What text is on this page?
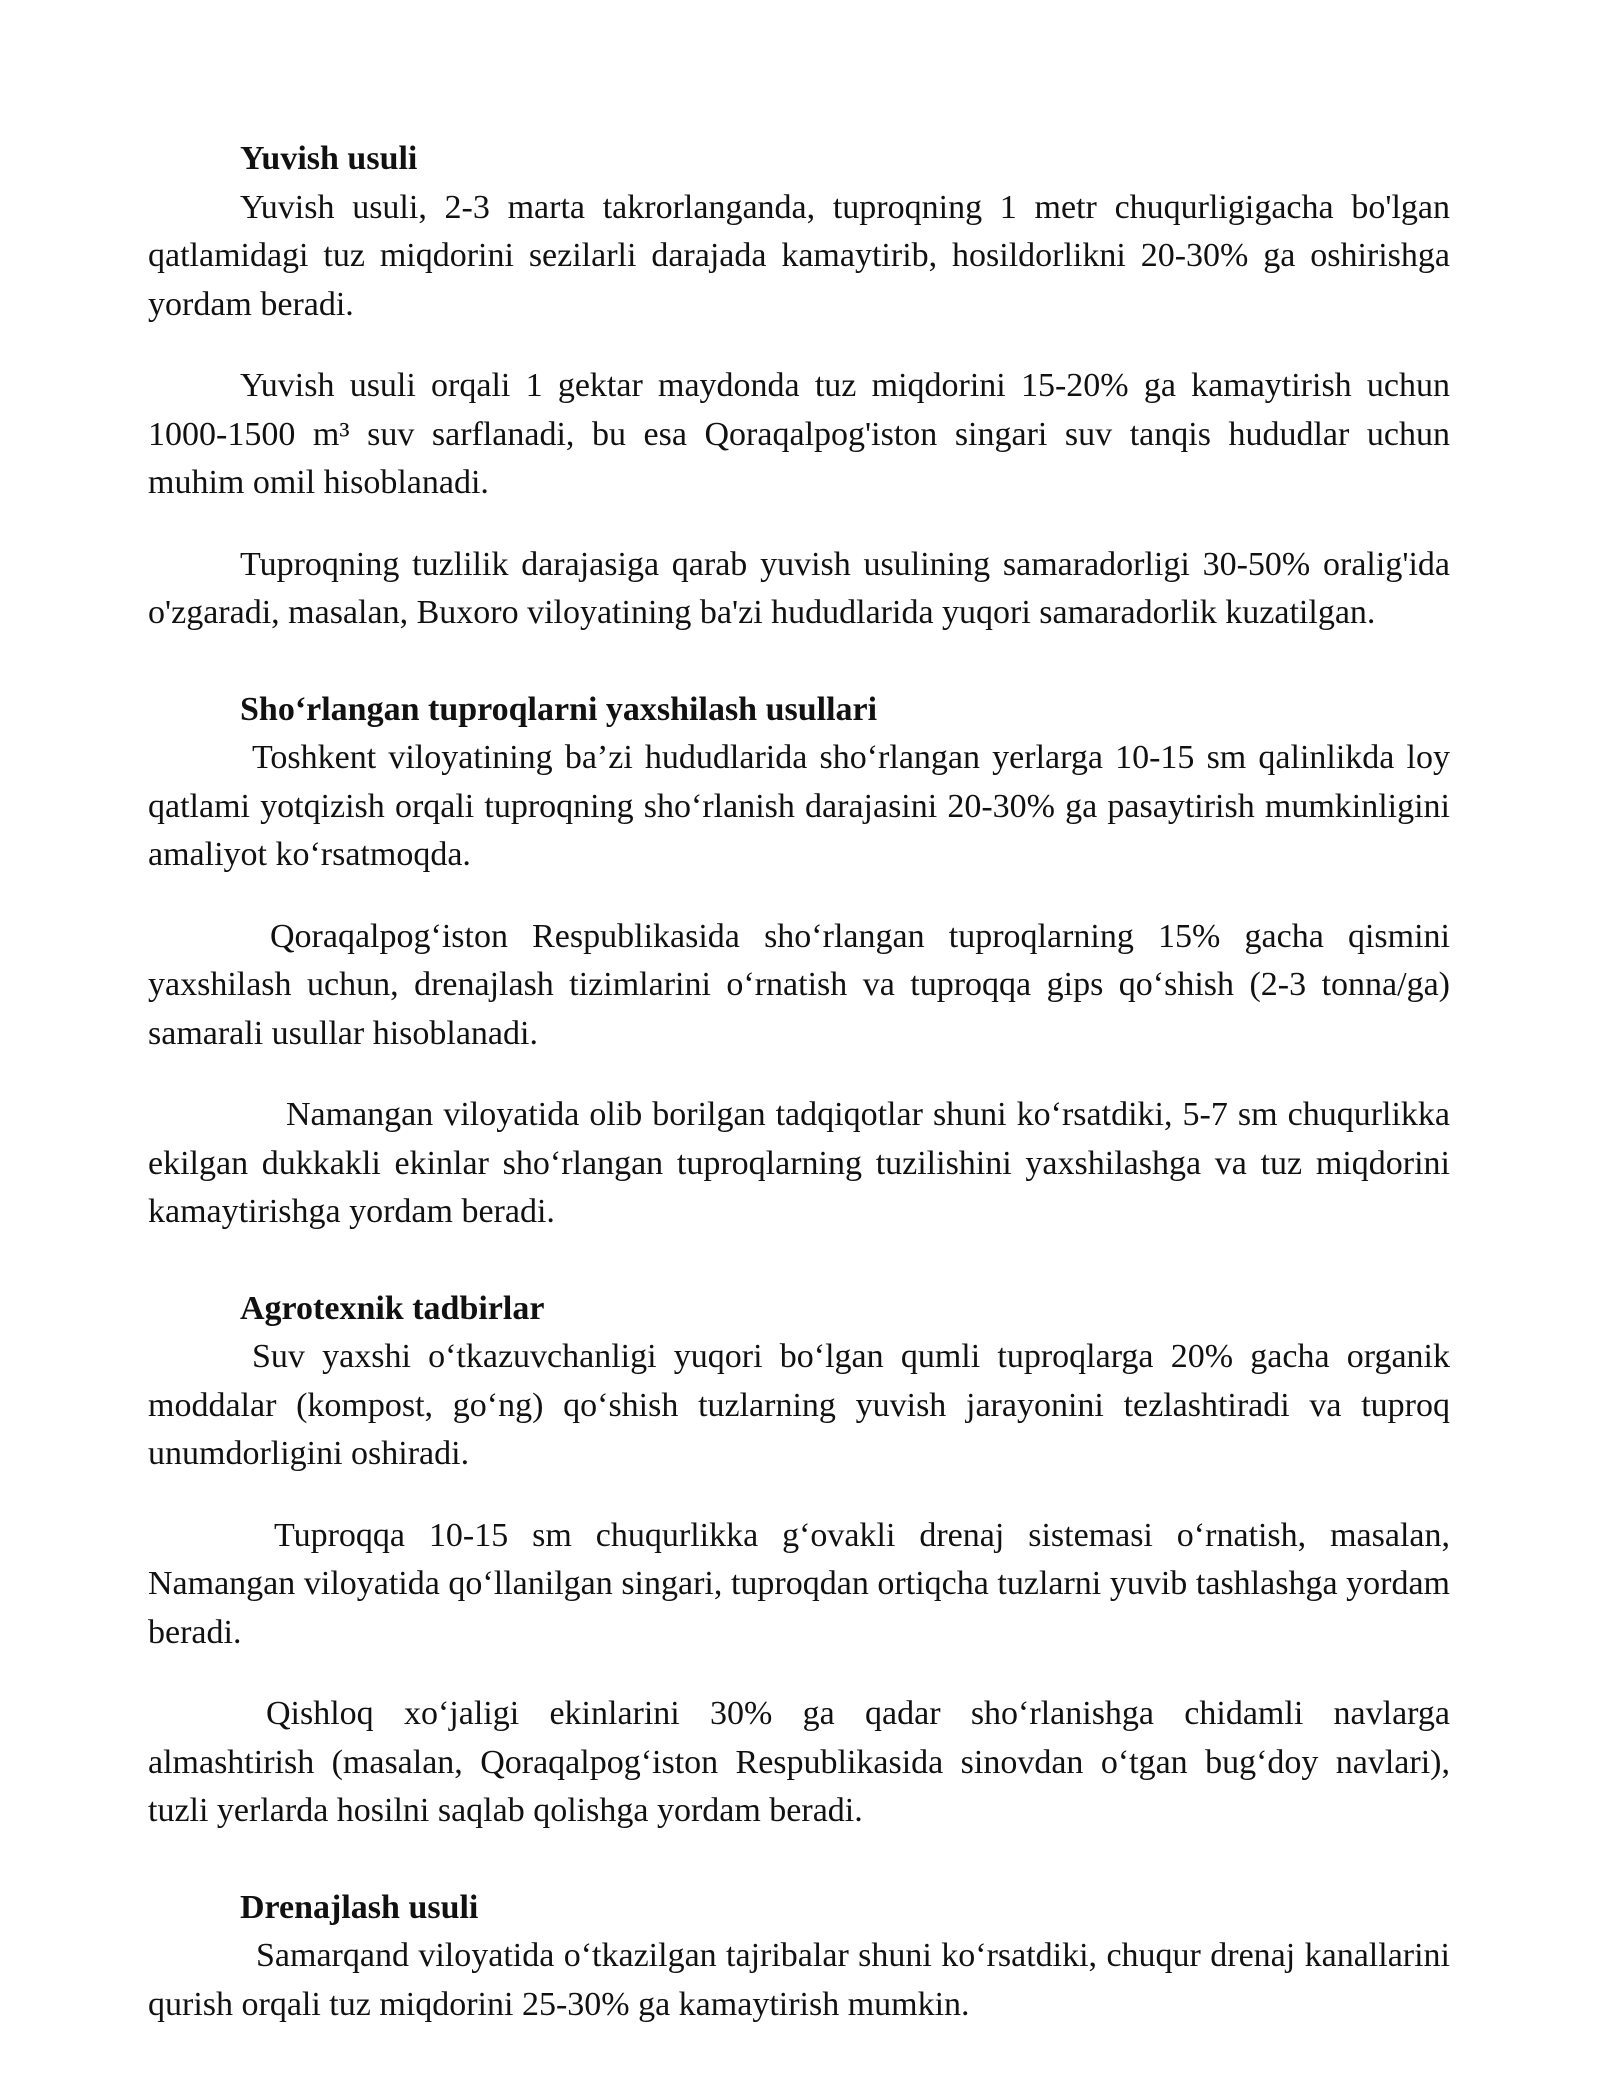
Yuvish usuli

Yuvish usuli, 2-3 marta takrorlanganda, tuproqning 1 metr chuqurligigacha bo'lgan qatlamidagi tuz miqdorini sezilarli darajada kamaytirib, hosildorlikni 20-30% ga oshirishga yordam beradi.

Yuvish usuli orqali 1 gektar maydonda tuz miqdorini 15-20% ga kamaytirish uchun 1000-1500 m³ suv sarflanadi, bu esa Qoraqalpog'iston singari suv tanqis hududlar uchun muhim omil hisoblanadi.

Tuproqning tuzlilik darajasiga qarab yuvish usulining samaradorligi 30-50% oralig'ida o'zgaradi, masalan, Buxoro viloyatining ba'zi hududlarida yuqori samaradorlik kuzatilgan.

Sho‘rlangan tuproqlarni yaxshilash usullari

Toshkent viloyatining ba’zi hududlarida sho‘rlangan yerlarga 10-15 sm qalinlikda loy qatlami yotqizish orqali tuproqning sho‘rlanish darajasini 20-30% ga pasaytirish mumkinligini amaliyot ko‘rsatmoqda.

Qoraqalpog‘iston Respublikasida sho‘rlangan tuproqlarning 15% gacha qismini yaxshilash uchun, drenajlash tizimlarini o‘rnatish va tuproqqa gips qo‘shish (2-3 tonna/ga) samarali usullar hisoblanadi.

Namangan viloyatida olib borilgan tadqiqotlar shuni ko‘rsatdiki, 5-7 sm chuqurlikka ekilgan dukkakli ekinlar sho‘rlangan tuproqlarning tuzilishini yaxshilashga va tuz miqdorini kamaytirishga yordam beradi.

Agrotexnik tadbirlar

Suv yaxshi o‘tkazuvchanligi yuqori bo‘lgan qumli tuproqlarga 20% gacha organik moddalar (kompost, go‘ng) qo‘shish tuzlarning yuvish jarayonini tezlashtiradi va tuproq unumdorligini oshiradi.

Tuproqqa 10-15 sm chuqurlikka g‘ovakli drenaj sistemasi o‘rnatish, masalan, Namangan viloyatida qo‘llanilgan singari, tuproqdan ortiqcha tuzlarni yuvib tashlashga yordam beradi.

Qishloq xo‘jaligi ekinlarini 30% ga qadar sho‘rlanishga chidamli navlarga almashtirish (masalan, Qoraqalpog‘iston Respublikasida sinovdan o‘tgan bug‘doy navlari), tuzli yerlarda hosilni saqlab qolishga yordam beradi.

Drenajlash usuli

Samarqand viloyatida o‘tkazilgan tajribalar shuni ko‘rsatdiki, chuqur drenaj kanallarini qurish orqali tuz miqdorini 25-30% ga kamaytirish mumkin.
